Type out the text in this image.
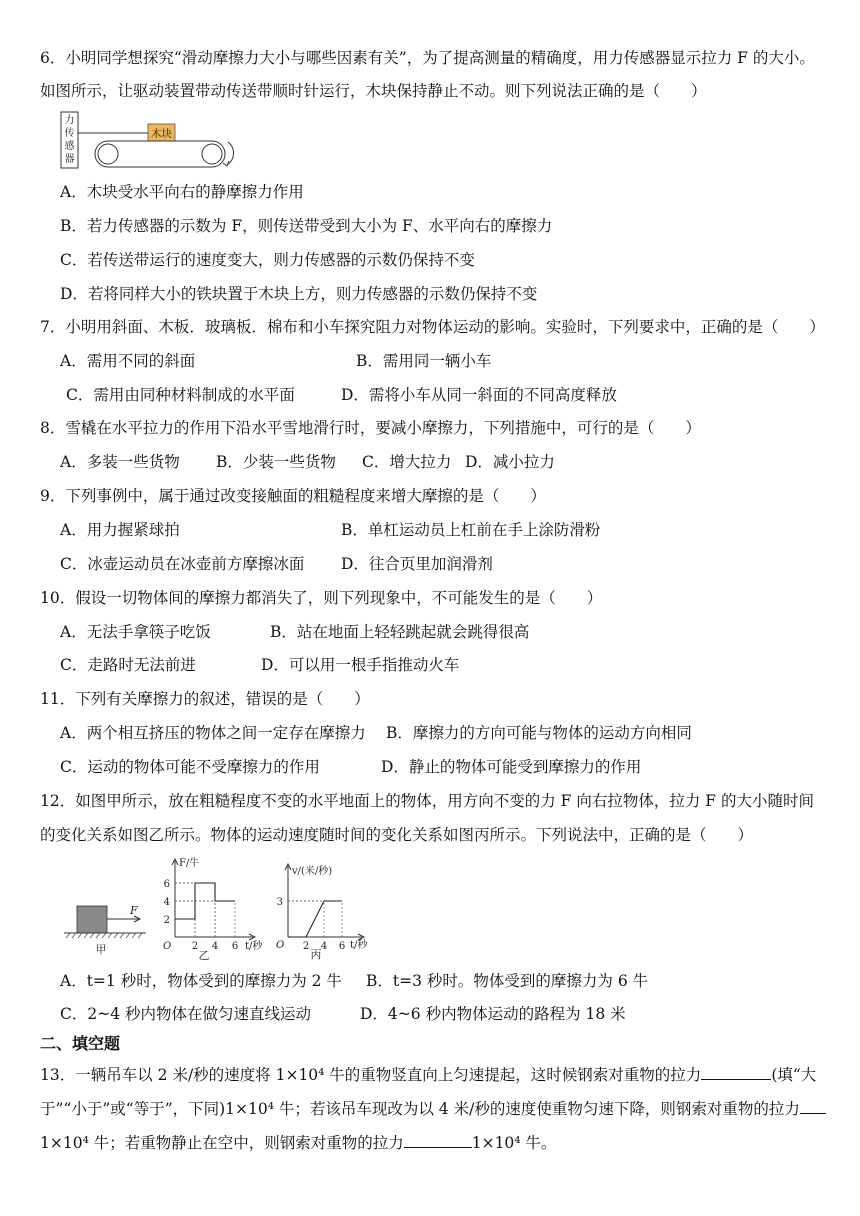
6．小明同学想探究“滑动摩擦力大小与哪些因素有关”，为了提高测量的精确度，用力传感器显示拉力 F 的大小。
如图所示，让驱动装置带动传送带顺时针运行，木块保持静止不动。则下列说法正确的是（　　）
力
传
感
器
木块
A．木块受水平向右的静摩擦力作用
B．若力传感器的示数为 F，则传送带受到大小为 F、水平向右的摩擦力
C．若传送带运行的速度变大，则力传感器的示数仍保持不变
D．若将同样大小的铁块置于木块上方，则力传感器的示数仍保持不变
7．小明用斜面、木板．玻璃板．棉布和小车探究阻力对物体运动的影响。实验时，下列要求中，正确的是（　　）
A．需用不同的斜面	B．需用同一辆小车
C．需用由同种材料制成的水平面	D．需将小车从同一斜面的不同高度释放
8．雪橇在水平拉力的作用下沿水平雪地滑行时，要减小摩擦力，下列措施中，可行的是（　　）
A．多装一些货物 B．少装一些货物 C．增大拉力 D．减小拉力
9．下列事例中，属于通过改变接触面的粗糙程度来增大摩擦的是（　　）
A．用力握紧球拍	B．单杠运动员上杠前在手上涂防滑粉
C．冰壶运动员在冰壶前方摩擦冰面 D．往合页里加润滑剂
10．假设一切物体间的摩擦力都消失了，则下列现象中，不可能发生的是（　　）
A．无法手拿筷子吃饭	B．站在地面上轻轻跳起就会跳得很高
C．走路时无法前进	D．可以用一根手指推动火车
11．下列有关摩擦力的叙述，错误的是（　　）
A．两个相互挤压的物体之间一定存在摩擦力 B．摩擦力的方向可能与物体的运动方向相同
C．运动的物体可能不受摩擦力的作用	D．静止的物体可能受到摩擦力的作用
12．如图甲所示，放在粗糙程度不变的水平地面上的物体，用方向不变的力 F 向右拉物体，拉力 F 的大小随时间
的变化关系如图乙所示。物体的运动速度随时间的变化关系如图丙所示。下列说法中，正确的是（　　）
F
甲
F/牛
t/秒
O 2 4 6
6
4
2
乙
v/(米/秒)
t/秒
O 2 4 6
3
丙
A．t=1 秒时，物体受到的摩擦力为 2 牛 B．t=3 秒时。物体受到的摩擦力为 6 牛
C．2~4 秒内物体在做匀速直线运动	D．4~6 秒内物体运动的路程为 18 米
二、填空题
13．一辆吊车以 2 米/秒的速度将 1×10⁴ 牛的重物竖直向上匀速提起，这时候钢索对重物的拉力	(填“大
于”“小于”或“等于”，下同)1×10⁴ 牛；若该吊车现改为以 4 米/秒的速度使重物匀速下降，则钢索对重物的拉力
1×10⁴ 牛；若重物静止在空中，则钢索对重物的拉力	1×10⁴ 牛。
